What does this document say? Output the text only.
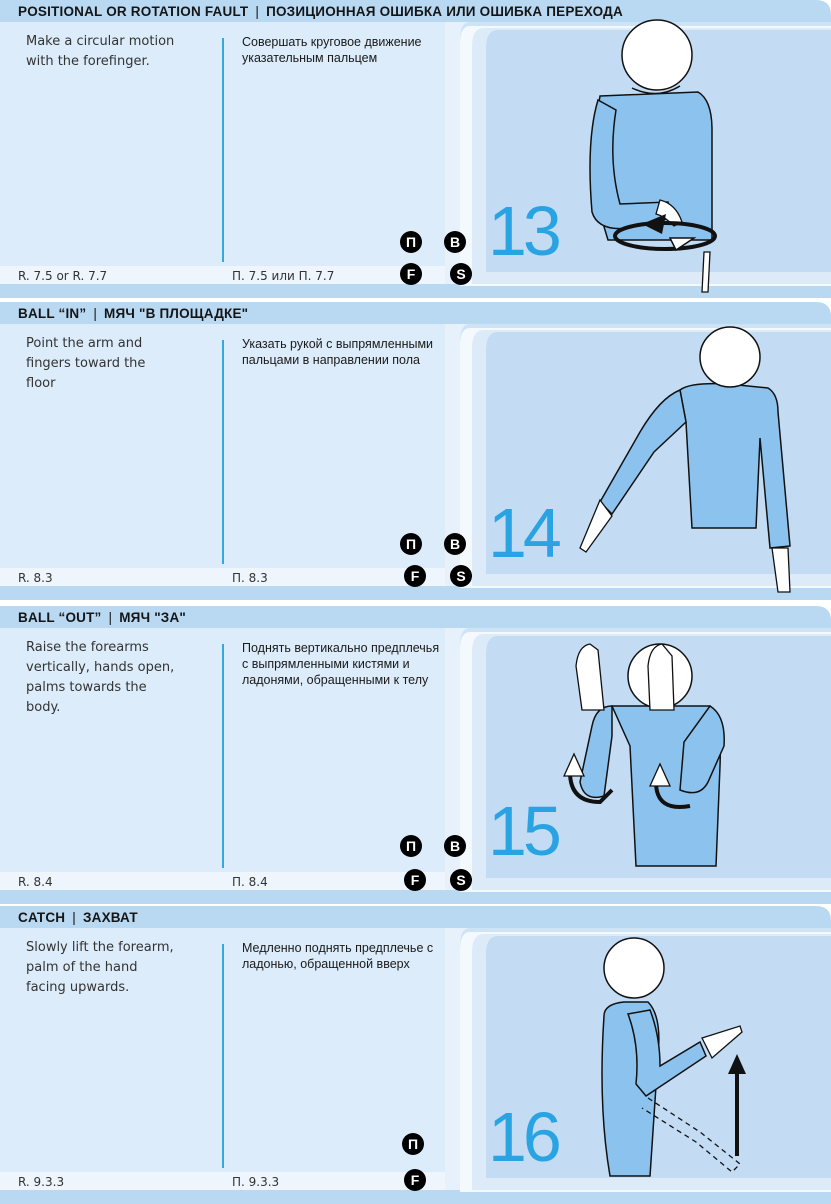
POSITIONAL OR ROTATION FAULT | ПОЗИЦИОННАЯ ОШИБКА ИЛИ ОШИБКА ПЕРЕХОДА
Make a circular motion with the forefinger.
Совершать круговое движение указательным пальцем
R. 7.5 or R. 7.7	П. 7.5 или П. 7.7
П	B
F	S
13
BALL “IN” | МЯЧ "В ПЛОЩАДКЕ"
Point the arm and fingers toward the floor
Указать рукой с выпрямленными пальцами в направлении пола
R. 8.3	П. 8.3
П	B
F	S
14
BALL “OUT” | МЯЧ "ЗА"
Raise the forearms vertically, hands open, palms towards the body.
Поднять вертикально предплечья с выпрямленными кистями и ладонями, обращенными к телу
R. 8.4	П. 8.4
П	B
F	S
15
CATCH | ЗАХВАТ
Slowly lift the forearm, palm of the hand facing upwards.
Медленно поднять предплечье с ладонью, обращенной вверх
R. 9.3.3	П. 9.3.3
П
F
16
